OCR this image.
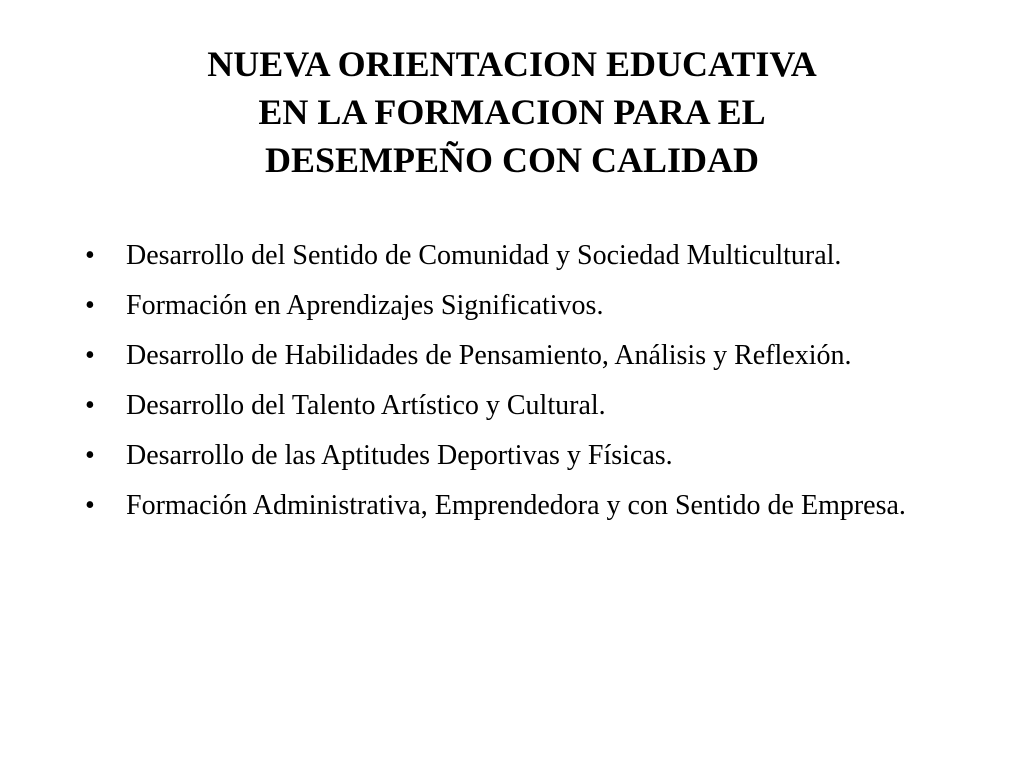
NUEVA ORIENTACION EDUCATIVA
EN LA FORMACION PARA EL
DESEMPEÑO CON CALIDAD
• Desarrollo del Sentido de Comunidad y Sociedad Multicultural.
• Formación en Aprendizajes Significativos.
• Desarrollo de Habilidades de Pensamiento, Análisis y Reflexión.
• Desarrollo del Talento Artístico y Cultural.
• Desarrollo de las Aptitudes Deportivas y Físicas.
• Formación Administrativa, Emprendedora y con Sentido de Empresa.
